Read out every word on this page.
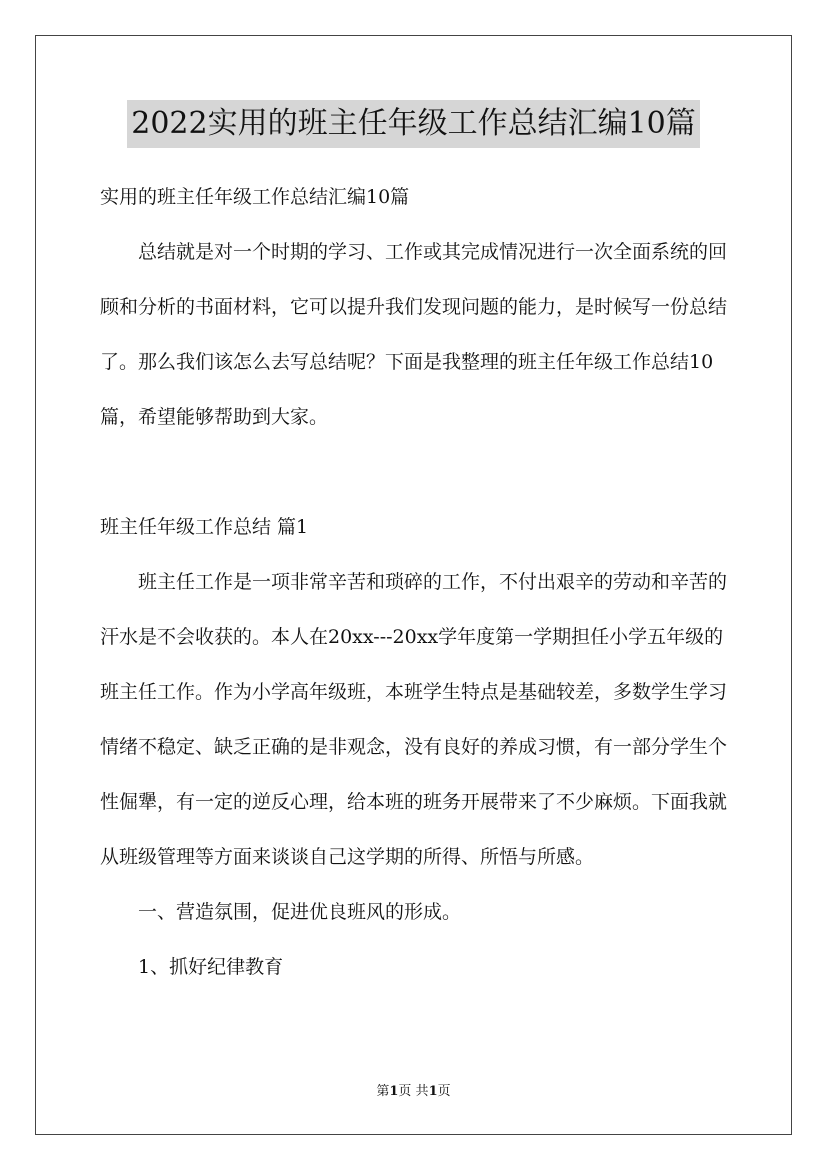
2022实用的班主任年级工作总结汇编10篇

实用的班主任年级工作总结汇编10篇

总结就是对一个时期的学习、工作或其完成情况进行一次全面系统的回顾和分析的书面材料，它可以提升我们发现问题的能力，是时候写一份总结了。那么我们该怎么去写总结呢？下面是我整理的班主任年级工作总结10篇，希望能够帮助到大家。

班主任年级工作总结 篇1

班主任工作是一项非常辛苦和琐碎的工作，不付出艰辛的劳动和辛苦的汗水是不会收获的。本人在20xx---20xx学年度第一学期担任小学五年级的班主任工作。作为小学高年级班，本班学生特点是基础较差，多数学生学习情绪不稳定、缺乏正确的是非观念，没有良好的养成习惯，有一部分学生个性倔犟，有一定的逆反心理，给本班的班务开展带来了不少麻烦。下面我就从班级管理等方面来谈谈自己这学期的所得、所悟与所感。

一、营造氛围，促进优良班风的形成。

1、抓好纪律教育

第1页 共1页
